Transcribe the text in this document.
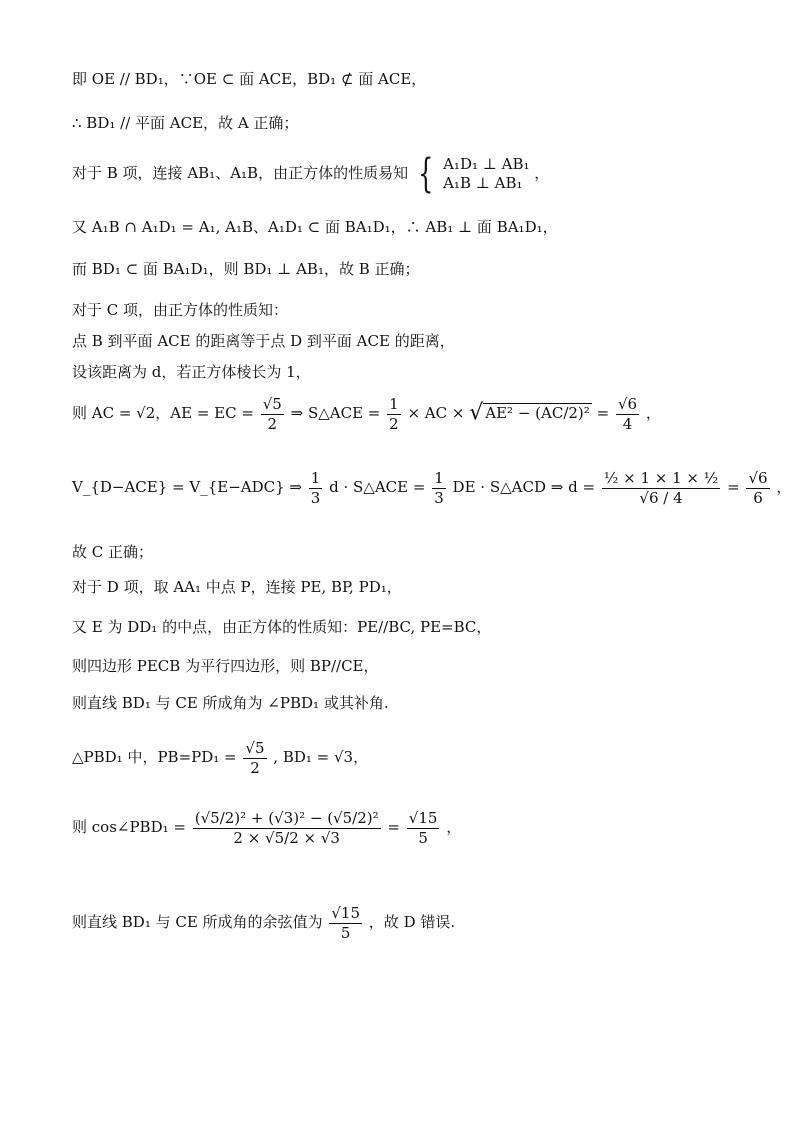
即 OE // BD₁，∵OE ⊂ 面 ACE，BD₁ ⊄ 面 ACE，
∴ BD₁ // 平面 ACE，故 A 正确；
对于 B 项，连接 AB₁、A₁B，由正方体的性质易知 { A₁D₁ ⊥ AB₁
A₁B ⊥ AB₁
，
又 A₁B ∩ A₁D₁ = A₁, A₁B、A₁D₁ ⊂ 面 BA₁D₁，∴ AB₁ ⊥ 面 BA₁D₁，
而 BD₁ ⊂ 面 BA₁D₁，则 BD₁ ⊥ AB₁，故 B 正确；
对于 C 项，由正方体的性质知：
点 B 到平面 ACE 的距离等于点 D 到平面 ACE 的距离，
设该距离为 d，若正方体棱长为 1，
则 AC = √2，AE = EC = $\frac{√5}{2}$ ⇒ S△ACE = $\frac{1}{2}$ × AC × √ $AE^2 - (AC/2)^2 = \frac{√6}{4}$ ，
V_{D−ACE} = V_{E−ADC} ⇒ $\frac{1}{3}$ d · S△ACE = $\frac{1}{3}$ DE · S△ACD ⇒ $d = \frac{\text{½ × 1 × 1 × ½}}{√6 / 4} = \frac{√6}{6}$ ，
故 C 正确；
对于 D 项，取 AA₁ 中点 P，连接 PE, BP, PD₁，
又 E 为 DD₁ 的中点，由正方体的性质知：PE//BC, PE=BC，
则四边形 PECB 为平行四边形，则 BP//CE，
则直线 BD₁ 与 CE 所成角为 ∠PBD₁ 或其补角.
△PBD₁ 中，$PB=PD_1 = \frac{√5}{2}$ , BD₁ = √3，
则 cos∠PBD₁ = $\frac{\text{(√5/2)² + (√3)² − (√5/2)²}}{2 \times √5/2 \times √3} = \frac{√15}{5}$ ，
则直线 BD₁ 与 CE 所成角的余弦值为 $\frac{√15}{5}$ ，故 D 错误.
